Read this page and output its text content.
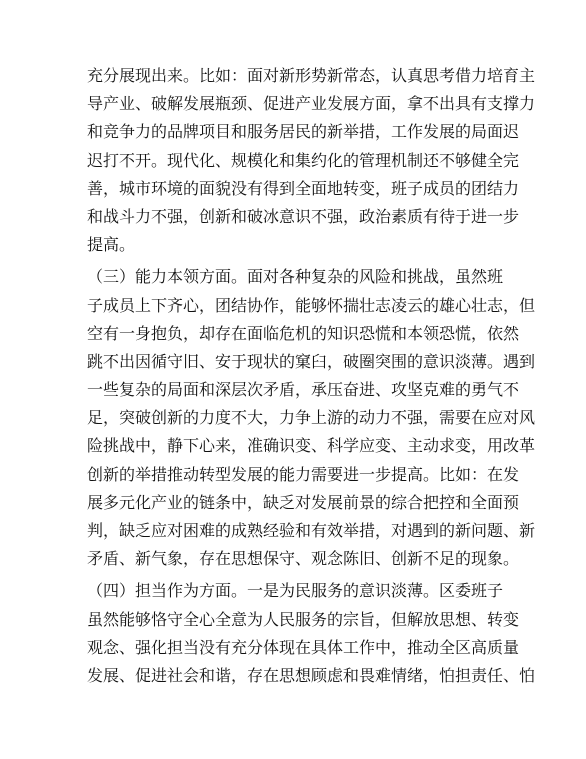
充分展现出来。比如：面对新形势新常态，认真思考借力培育主
导产业、破解发展瓶颈、促进产业发展方面，拿不出具有支撑力
和竞争力的品牌项目和服务居民的新举措，工作发展的局面迟
迟打不开。现代化、规模化和集约化的管理机制还不够健全完
善，城市环境的面貌没有得到全面地转变，班子成员的团结力
和战斗力不强，创新和破冰意识不强，政治素质有待于进一步
提高。
（三）能力本领方面。面对各种复杂的风险和挑战，虽然班
子成员上下齐心，团结协作，能够怀揣壮志凌云的雄心壮志，但
空有一身抱负，却存在面临危机的知识恐慌和本领恐慌，依然
跳不出因循守旧、安于现状的窠臼，破圈突围的意识淡薄。遇到
一些复杂的局面和深层次矛盾，承压奋进、攻坚克难的勇气不
足，突破创新的力度不大，力争上游的动力不强，需要在应对风
险挑战中，静下心来，准确识变、科学应变、主动求变，用改革
创新的举措推动转型发展的能力需要进一步提高。比如：在发
展多元化产业的链条中，缺乏对发展前景的综合把控和全面预
判，缺乏应对困难的成熟经验和有效举措，对遇到的新问题、新
矛盾、新气象，存在思想保守、观念陈旧、创新不足的现象。
（四）担当作为方面。一是为民服务的意识淡薄。区委班子
虽然能够恪守全心全意为人民服务的宗旨，但解放思想、转变
观念、强化担当没有充分体现在具体工作中，推动全区高质量
发展、促进社会和谐，存在思想顾虑和畏难情绪，怕担责任、怕
